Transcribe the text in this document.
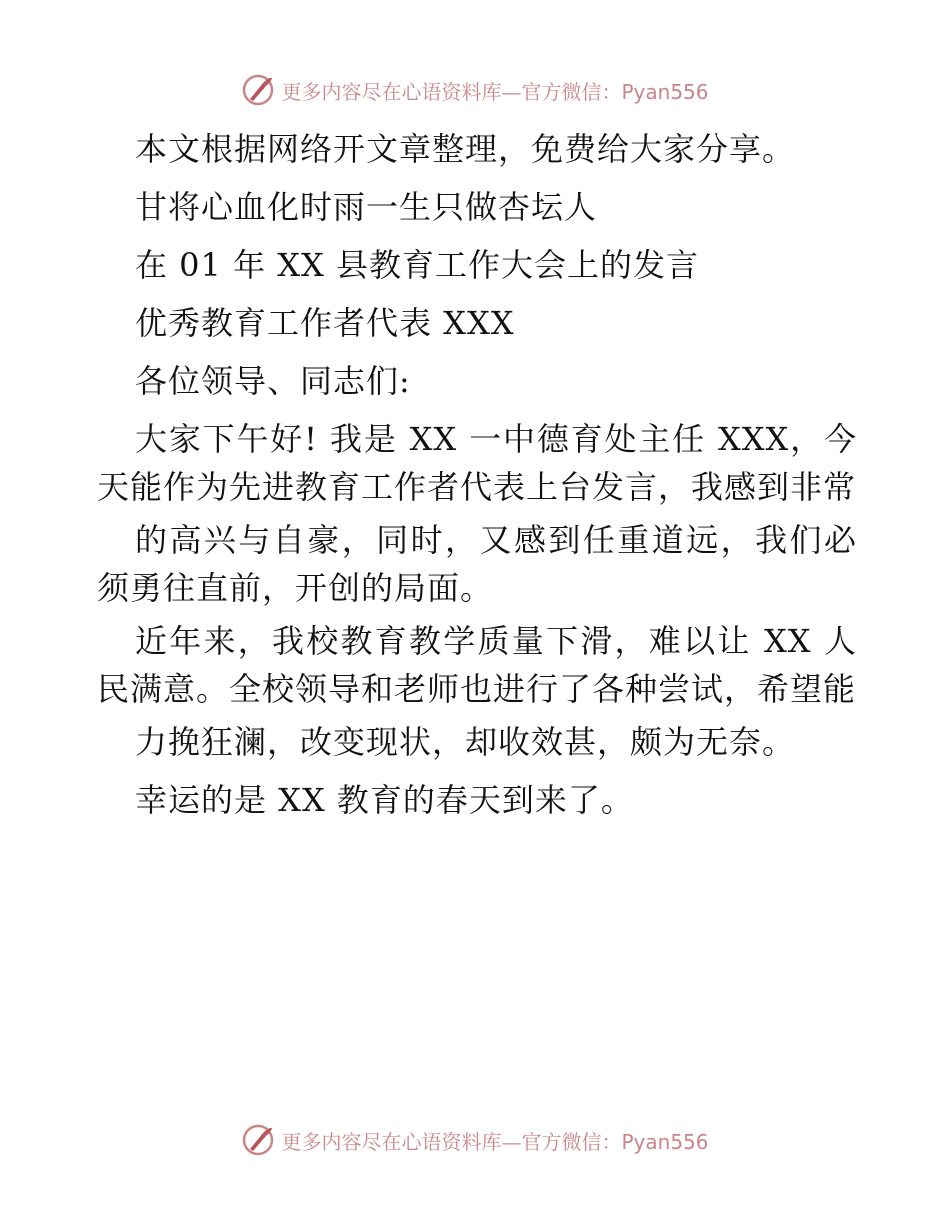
更多内容尽在心语资料库—官方微信：Pyan556
本文根据网络开文章整理，免费给大家分享。
甘将心血化时雨一生只做杏坛人
在 01 年 XX 县教育工作大会上的发言
优秀教育工作者代表 XXX
各位领导、同志们:
大家下午好! 我是 XX 一中德育处主任 XXX，今天能作为先进教育工作者代表上台发言，我感到非常
的高兴与自豪，同时，又感到任重道远，我们必须勇往直前，开创的局面。
近年来，我校教育教学质量下滑，难以让 XX 人民满意。全校领导和老师也进行了各种尝试，希望能
力挽狂澜，改变现状，却收效甚，颇为无奈。
幸运的是 XX 教育的春天到来了。
更多内容尽在心语资料库—官方微信：Pyan556
